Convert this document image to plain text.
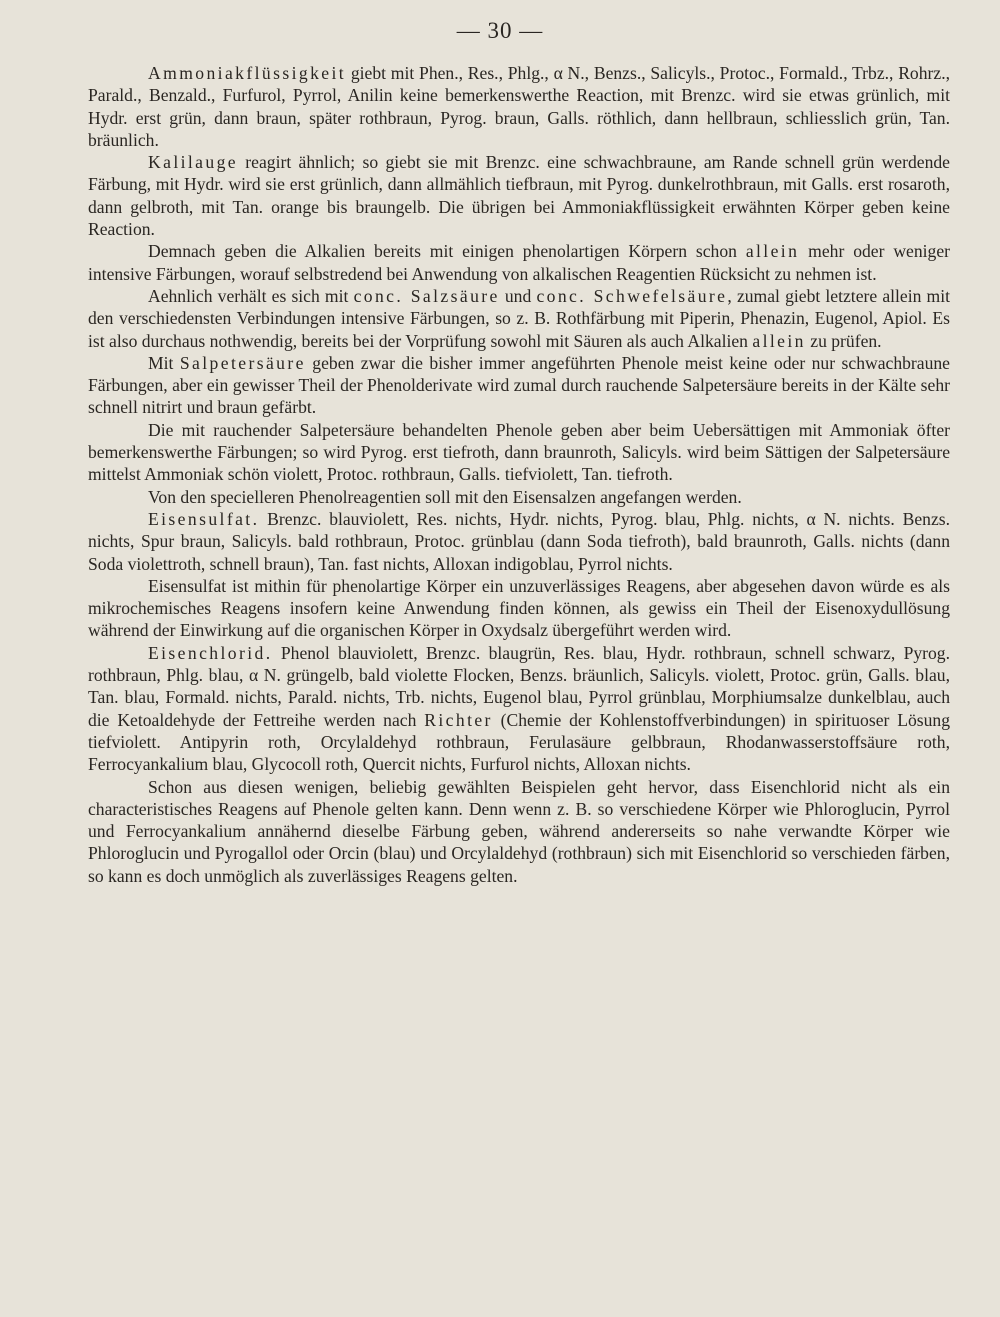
— 30 —

Ammoniakflüssigkeit giebt mit Phen., Res., Phlg., α N., Benzs., Salicyls., Protoc., Formald., Trbz., Rohrz., Parald., Benzald., Furfurol, Pyrrol, Anilin keine bemerkenswerthe Reaction, mit Brenzc. wird sie etwas grünlich, mit Hydr. erst grün, dann braun, später rothbraun, Pyrog. braun, Galls. röthlich, dann hellbraun, schliesslich grün, Tan. bräunlich.

Kalilauge reagirt ähnlich; so giebt sie mit Brenzc. eine schwachbraune, am Rande schnell grün werdende Färbung, mit Hydr. wird sie erst grünlich, dann allmählich tiefbraun, mit Pyrog. dunkelrothbraun, mit Galls. erst rosaroth, dann gelbroth, mit Tan. orange bis braungelb. Die übrigen bei Ammoniakflüssigkeit erwähnten Körper geben keine Reaction.

Demnach geben die Alkalien bereits mit einigen phenolartigen Körpern schon allein mehr oder weniger intensive Färbungen, worauf selbstredend bei Anwendung von alkalischen Reagentien Rücksicht zu nehmen ist.

Aehnlich verhält es sich mit conc. Salzsäure und conc. Schwefelsäure, zumal giebt letztere allein mit den verschiedensten Verbindungen intensive Färbungen, so z. B. Rothfärbung mit Piperin, Phenazin, Eugenol, Apiol. Es ist also durchaus nothwendig, bereits bei der Vorprüfung sowohl mit Säuren als auch Alkalien allein zu prüfen.

Mit Salpetersäure geben zwar die bisher immer angeführten Phenole meist keine oder nur schwachbraune Färbungen, aber ein gewisser Theil der Phenolderivate wird zumal durch rauchende Salpetersäure bereits in der Kälte sehr schnell nitrirt und braun gefärbt.

Die mit rauchender Salpetersäure behandelten Phenole geben aber beim Uebersättigen mit Ammoniak öfter bemerkenswerthe Färbungen; so wird Pyrog. erst tiefroth, dann braunroth, Salicyls. wird beim Sättigen der Salpetersäure mittelst Ammoniak schön violett, Protoc. rothbraun, Galls. tiefviolett, Tan. tiefroth.

Von den specielleren Phenolreagentien soll mit den Eisensalzen angefangen werden.

Eisensulfat. Brenzc. blauviolett, Res. nichts, Hydr. nichts, Pyrog. blau, Phlg. nichts, α N. nichts. Benzs. nichts, Spur braun, Salicyls. bald rothbraun, Protoc. grünblau (dann Soda tiefroth), bald braunroth, Galls. nichts (dann Soda violettroth, schnell braun), Tan. fast nichts, Alloxan indigoblau, Pyrrol nichts.

Eisensulfat ist mithin für phenolartige Körper ein unzuverlässiges Reagens, aber abgesehen davon würde es als mikrochemisches Reagens insofern keine Anwendung finden können, als gewiss ein Theil der Eisenoxydullösung während der Einwirkung auf die organischen Körper in Oxydsalz übergeführt werden wird.

Eisenchlorid. Phenol blauviolett, Brenzc. blaugrün, Res. blau, Hydr. rothbraun, schnell schwarz, Pyrog. rothbraun, Phlg. blau, α N. grüngelb, bald violette Flocken, Benzs. bräunlich, Salicyls. violett, Protoc. grün, Galls. blau, Tan. blau, Formald. nichts, Parald. nichts, Trb. nichts, Eugenol blau, Pyrrol grünblau, Morphiumsalze dunkelblau, auch die Ketoaldehyde der Fettreihe werden nach Richter (Chemie der Kohlenstoffverbindungen) in spirituoser Lösung tiefviolett. Antipyrin roth, Orcylaldehyd rothbraun, Ferulasäure gelbbraun, Rhodanwasserstoffsäure roth, Ferrocyankalium blau, Glycocoll roth, Quercit nichts, Furfurol nichts, Alloxan nichts.

Schon aus diesen wenigen, beliebig gewählten Beispielen geht hervor, dass Eisenchlorid nicht als ein characteristisches Reagens auf Phenole gelten kann. Denn wenn z. B. so verschiedene Körper wie Phloroglucin, Pyrrol und Ferrocyankalium annähernd dieselbe Färbung geben, während andererseits so nahe verwandte Körper wie Phloroglucin und Pyrogallol oder Orcin (blau) und Orcylaldehyd (rothbraun) sich mit Eisenchlorid so verschieden färben, so kann es doch unmöglich als zuverlässiges Reagens gelten.
